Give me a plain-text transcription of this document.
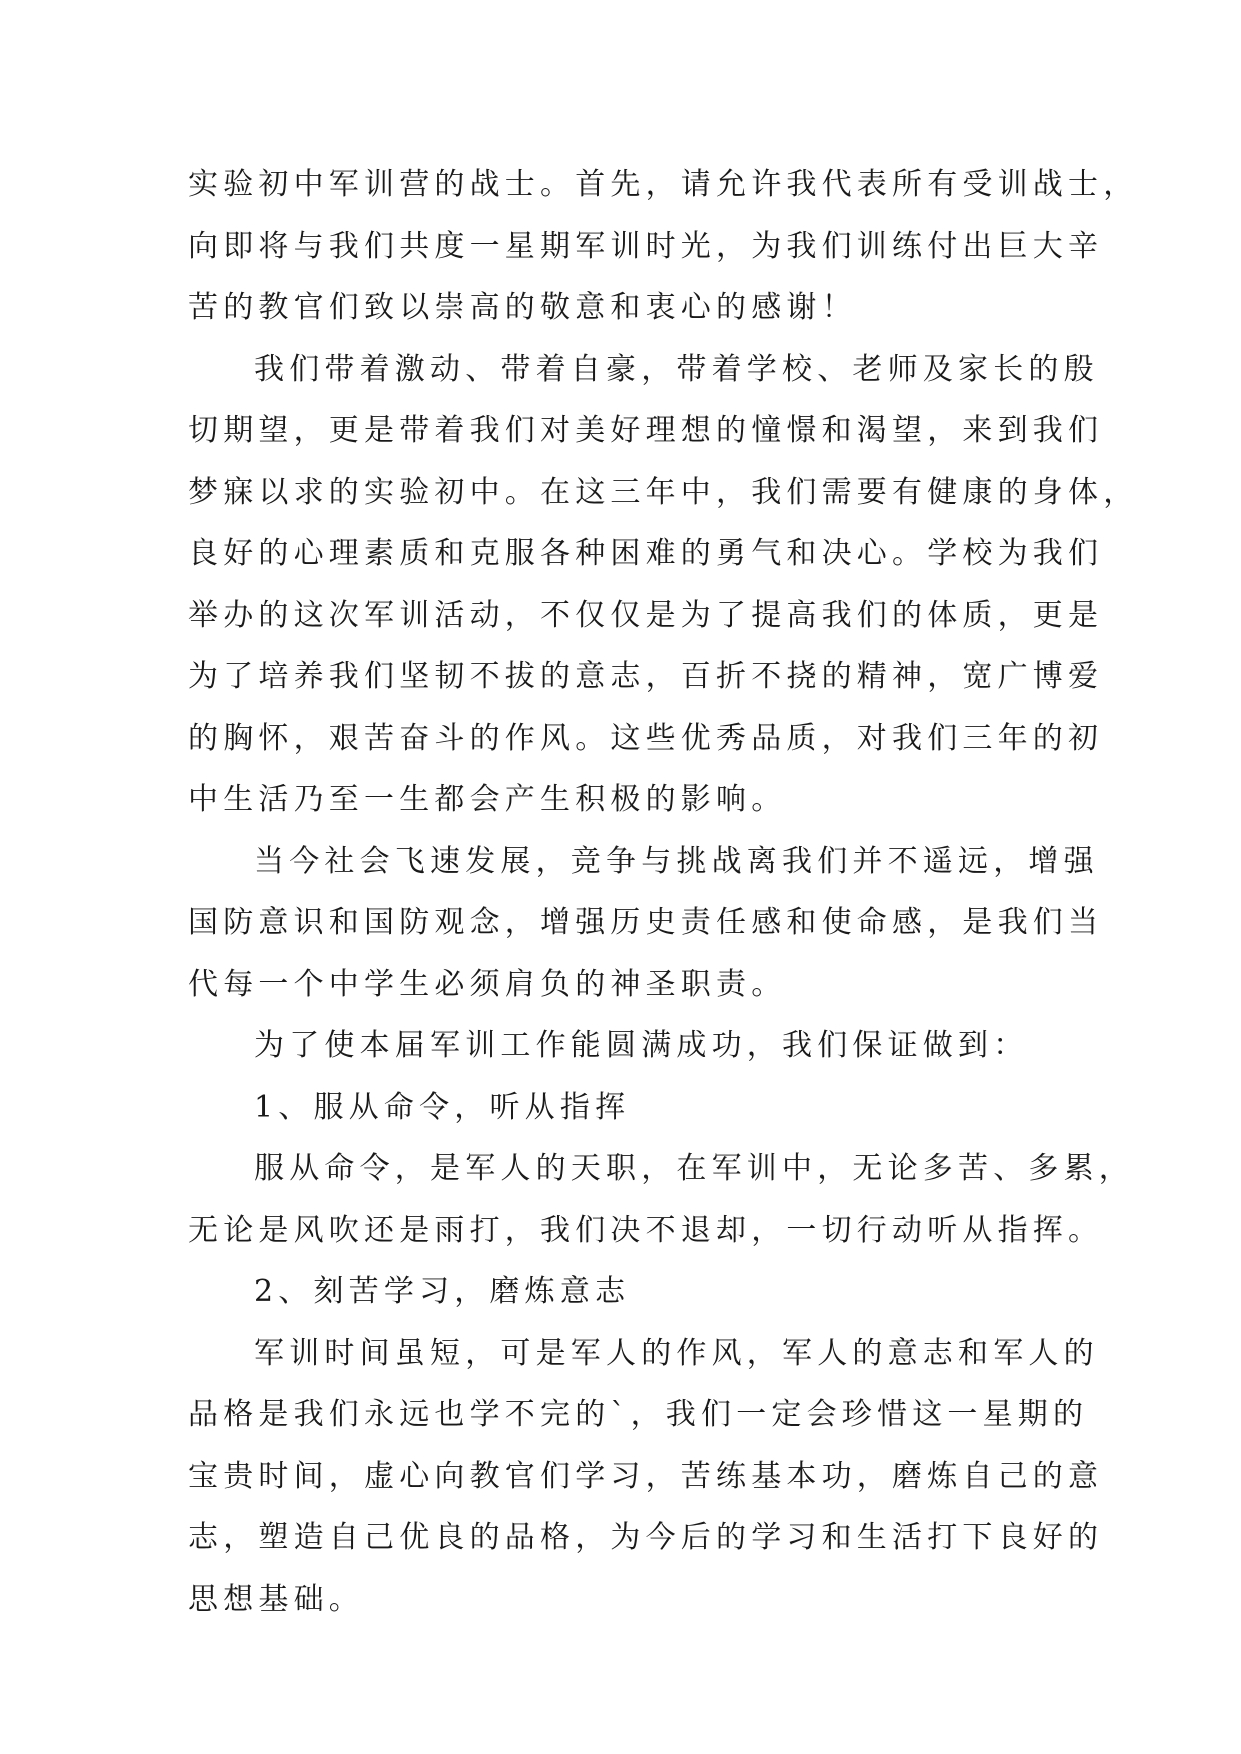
实验初中军训营的战士。首先，请允许我代表所有受训战士，
向即将与我们共度一星期军训时光，为我们训练付出巨大辛
苦的教官们致以崇高的敬意和衷心的感谢！
我们带着激动、带着自豪，带着学校、老师及家长的殷
切期望，更是带着我们对美好理想的憧憬和渴望，来到我们
梦寐以求的实验初中。在这三年中，我们需要有健康的身体，
良好的心理素质和克服各种困难的勇气和决心。学校为我们
举办的这次军训活动，不仅仅是为了提高我们的体质，更是
为了培养我们坚韧不拔的意志，百折不挠的精神，宽广博爱
的胸怀，艰苦奋斗的作风。这些优秀品质，对我们三年的初
中生活乃至一生都会产生积极的影响。
当今社会飞速发展，竞争与挑战离我们并不遥远，增强
国防意识和国防观念，增强历史责任感和使命感，是我们当
代每一个中学生必须肩负的神圣职责。
为了使本届军训工作能圆满成功，我们保证做到：
1、服从命令，听从指挥
服从命令，是军人的天职，在军训中，无论多苦、多累，
无论是风吹还是雨打，我们决不退却，一切行动听从指挥。
2、刻苦学习，磨炼意志
军训时间虽短，可是军人的作风，军人的意志和军人的
品格是我们永远也学不完的`，我们一定会珍惜这一星期的
宝贵时间，虚心向教官们学习，苦练基本功，磨炼自己的意
志，塑造自己优良的品格，为今后的学习和生活打下良好的
思想基础。
